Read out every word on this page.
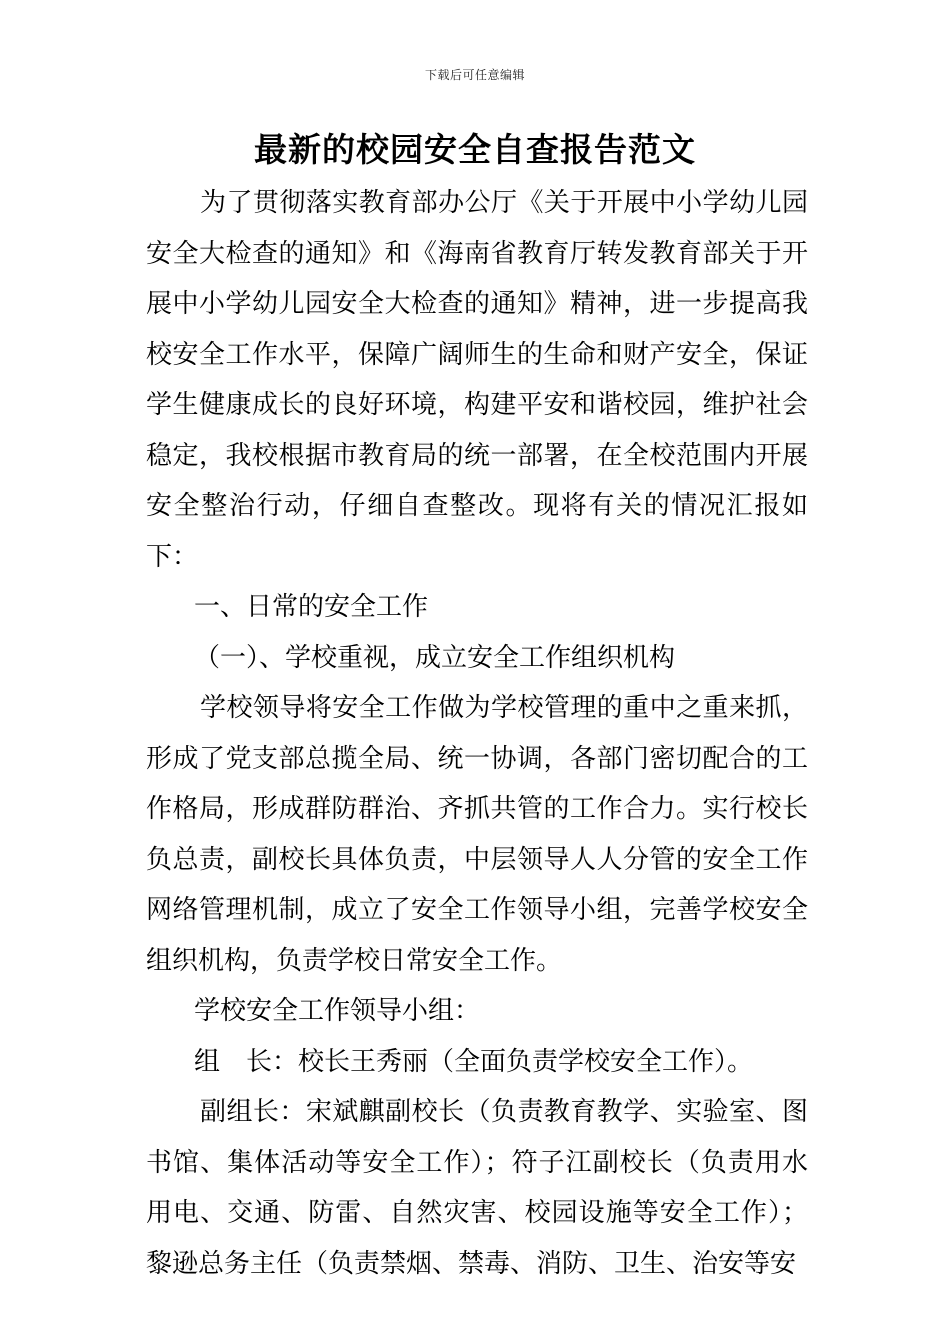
下载后可任意编辑
最新的校园安全自查报告范文

为了贯彻落实教育部办公厅《关于开展中小学幼儿园安全大检查的通知》和《海南省教育厅转发教育部关于开展中小学幼儿园安全大检查的通知》精神，进一步提高我校安全工作水平，保障广阔师生的生命和财产安全，保证学生健康成长的良好环境，构建平安和谐校园，维护社会稳定，我校根据市教育局的统一部署，在全校范围内开展安全整治行动，仔细自查整改。现将有关的情况汇报如下：

一、日常的安全工作

（一）、学校重视，成立安全工作组织机构

学校领导将安全工作做为学校管理的重中之重来抓，形成了党支部总揽全局、统一协调，各部门密切配合的工作格局，形成群防群治、齐抓共管的工作合力。实行校长负总责，副校长具体负责，中层领导人人分管的安全工作网络管理机制，成立了安全工作领导小组，完善学校安全组织机构，负责学校日常安全工作。

学校安全工作领导小组：

组　长：校长王秀丽（全面负责学校安全工作）。

副组长：宋斌麒副校长（负责教育教学、实验室、图书馆、集体活动等安全工作）；符子江副校长（负责用水用电、交通、防雷、自然灾害、校园设施等安全工作）；黎逊总务主任（负责禁烟、禁毒、消防、卫生、治安等安
